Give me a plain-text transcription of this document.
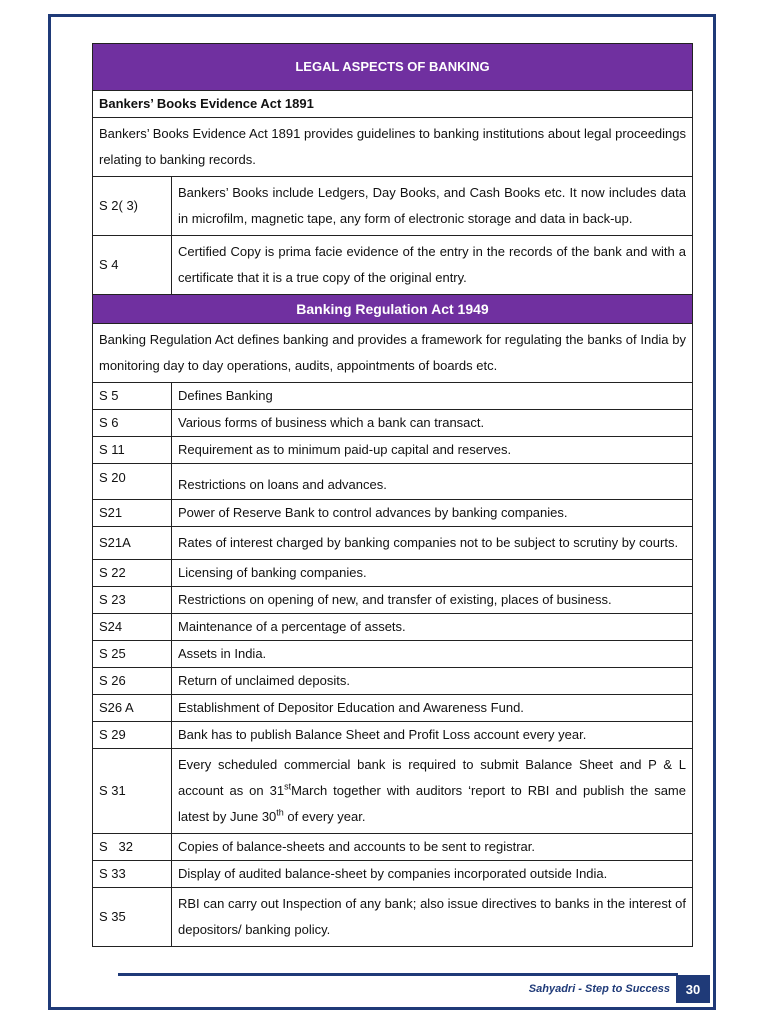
LEGAL ASPECTS OF BANKING	
Bankers’ Books Evidence Act 1891	
Bankers’ Books Evidence Act 1891 provides guidelines to banking institutions about legal proceedings relating to banking records.	
S 2( 3)	Bankers’ Books include Ledgers, Day Books, and Cash Books etc. It now includes data in microfilm, magnetic tape, any form of electronic storage and data in back-up.
S 4	Certified Copy is prima facie evidence of the entry in the records of the bank and with a certificate that it is a true copy of the original entry.
Banking Regulation Act 1949	
Banking Regulation Act defines banking and provides a framework for regulating the banks of India by monitoring day to day operations, audits, appointments of boards etc.	
S 5	Defines Banking
S 6	Various forms of business which a bank can transact.
S 11	Requirement as to minimum paid-up capital and reserves.
S 20	Restrictions on loans and advances.
S21	Power of Reserve Bank to control advances by banking companies.
S21A	Rates of interest charged by banking companies not to be subject to scrutiny by courts.
S 22	Licensing of banking companies.
S 23	Restrictions on opening of new, and transfer of existing, places of business.
S24	Maintenance of a percentage of assets.
S 25	Assets in India.
S 26	Return of unclaimed deposits.
S26 A	Establishment of Depositor Education and Awareness Fund.
S 29	Bank has to publish Balance Sheet and Profit Loss account every year.
S 31	Every scheduled commercial bank is required to submit Balance Sheet and P & L account as on 31stMarch together with auditors ‘report to RBI and publish the same latest by June 30th of every year.
S   32	Copies of balance-sheets and accounts to be sent to registrar.
S 33	Display of audited balance-sheet by companies incorporated outside India.
S 35	RBI can carry out Inspection of any bank; also issue directives to banks in the interest of depositors/ banking policy.
Sahyadri - Step to Success	30
